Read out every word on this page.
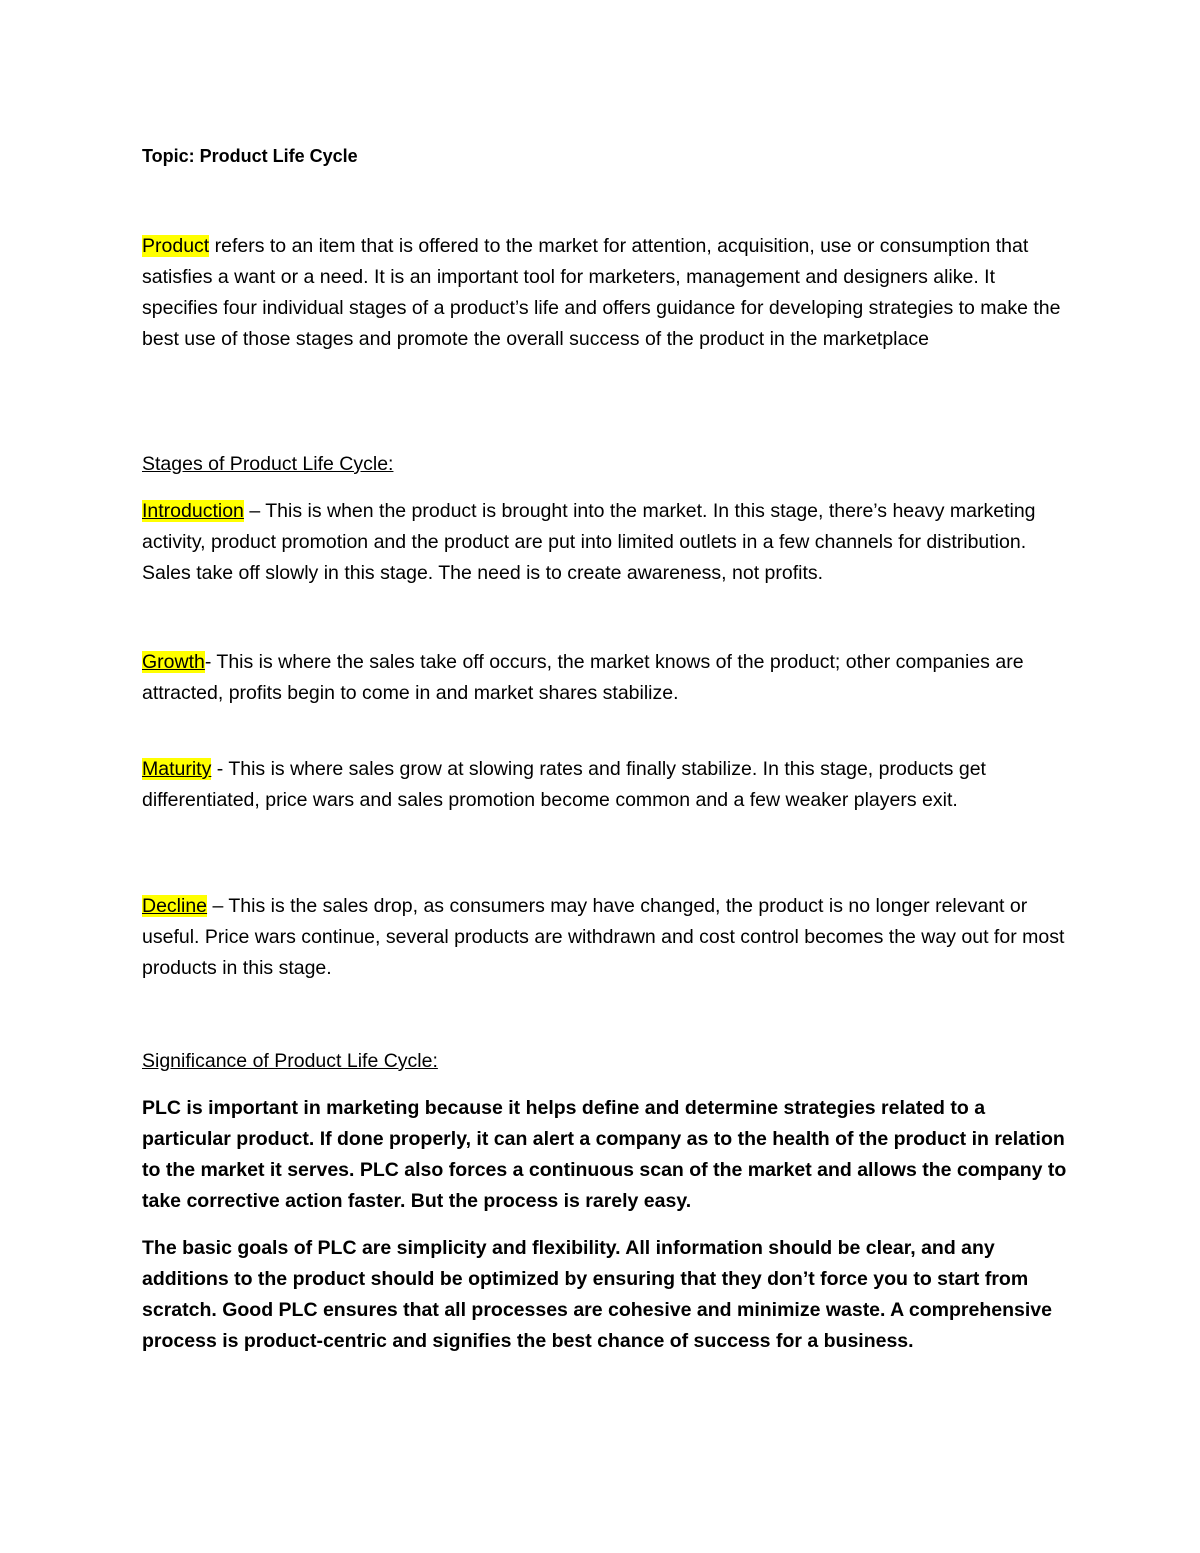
Topic: Product Life Cycle

Product refers to an item that is offered to the market for attention, acquisition, use or consumption that satisfies a want or a need. It is an important tool for marketers, management and designers alike. It specifies four individual stages of a product’s life and offers guidance for developing strategies to make the best use of those stages and promote the overall success of the product in the marketplace

Stages of Product Life Cycle:

Introduction – This is when the product is brought into the market. In this stage, there’s heavy marketing activity, product promotion and the product are put into limited outlets in a few channels for distribution. Sales take off slowly in this stage. The need is to create awareness, not profits.

Growth- This is where the sales take off occurs, the market knows of the product; other companies are attracted, profits begin to come in and market shares stabilize.

Maturity - This is where sales grow at slowing rates and finally stabilize. In this stage, products get differentiated, price wars and sales promotion become common and a few weaker players exit.

Decline – This is the sales drop, as consumers may have changed, the product is no longer relevant or useful. Price wars continue, several products are withdrawn and cost control becomes the way out for most products in this stage.

Significance of Product Life Cycle:

PLC is important in marketing because it helps define and determine strategies related to a particular product. If done properly, it can alert a company as to the health of the product in relation to the market it serves. PLC also forces a continuous scan of the market and allows the company to take corrective action faster. But the process is rarely easy.

The basic goals of PLC are simplicity and flexibility. All information should be clear, and any additions to the product should be optimized by ensuring that they don’t force you to start from scratch. Good PLC ensures that all processes are cohesive and minimize waste. A comprehensive process is product-centric and signifies the best chance of success for a business.
